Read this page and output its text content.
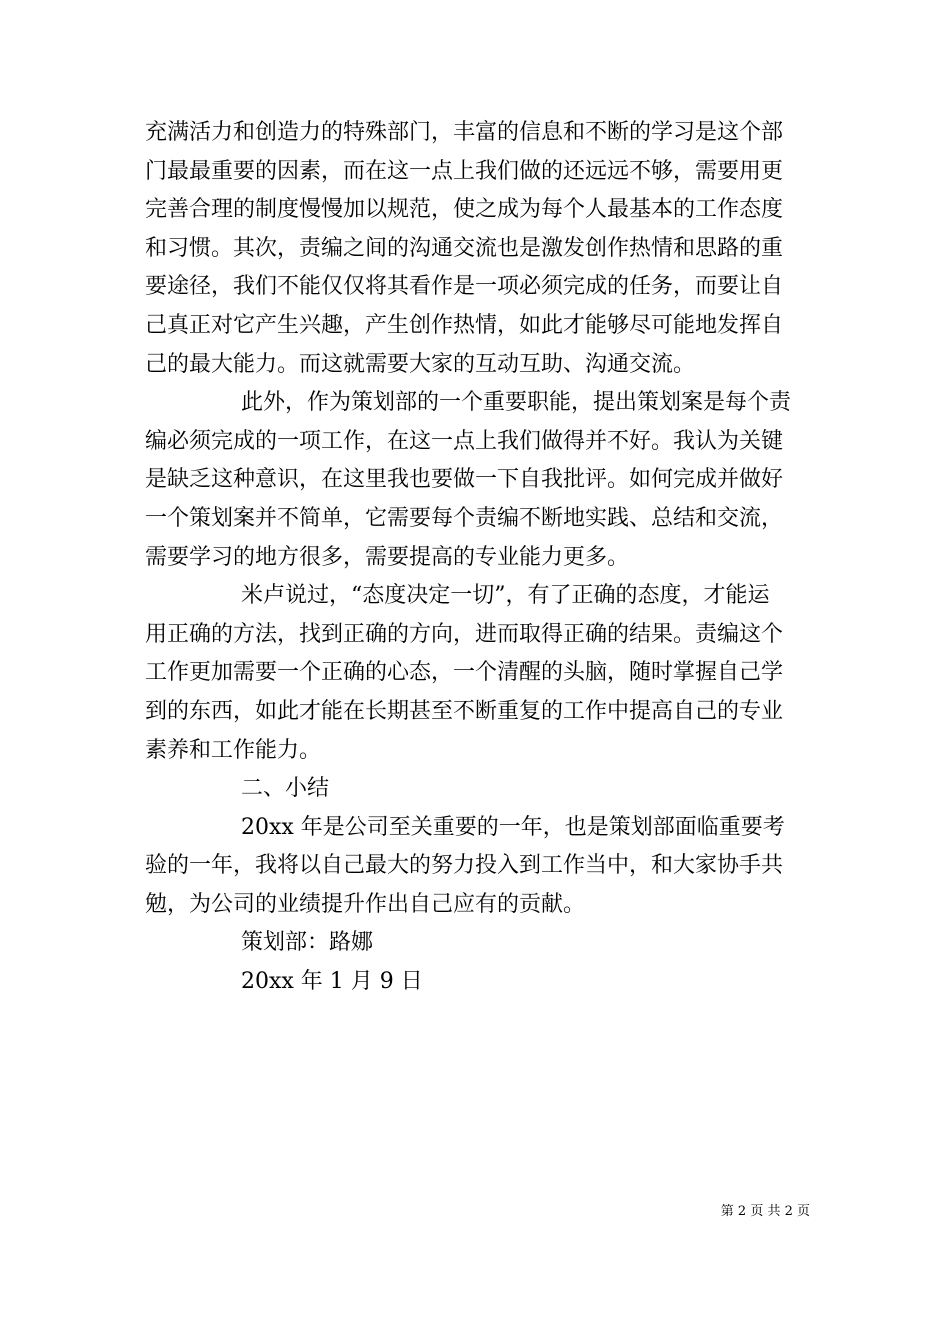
充满活力和创造力的特殊部门，丰富的信息和不断的学习是这个部
门最最重要的因素，而在这一点上我们做的还远远不够，需要用更
完善合理的制度慢慢加以规范，使之成为每个人最基本的工作态度
和习惯。其次，责编之间的沟通交流也是激发创作热情和思路的重
要途径，我们不能仅仅将其看作是一项必须完成的任务，而要让自
己真正对它产生兴趣，产生创作热情，如此才能够尽可能地发挥自
己的最大能力。而这就需要大家的互动互助、沟通交流。
此外，作为策划部的一个重要职能，提出策划案是每个责
编必须完成的一项工作，在这一点上我们做得并不好。我认为关键
是缺乏这种意识，在这里我也要做一下自我批评。如何完成并做好
一个策划案并不简单，它需要每个责编不断地实践、总结和交流，
需要学习的地方很多，需要提高的专业能力更多。
米卢说过，“态度决定一切”，有了正确的态度，才能运
用正确的方法，找到正确的方向，进而取得正确的结果。责编这个
工作更加需要一个正确的心态，一个清醒的头脑，随时掌握自己学
到的东西，如此才能在长期甚至不断重复的工作中提高自己的专业
素养和工作能力。
二、小结
20xx 年是公司至关重要的一年，也是策划部面临重要考
验的一年，我将以自己最大的努力投入到工作当中，和大家协手共
勉，为公司的业绩提升作出自己应有的贡献。
策划部：路娜
20xx 年 1 月 9 日
第 2 页 共 2 页
